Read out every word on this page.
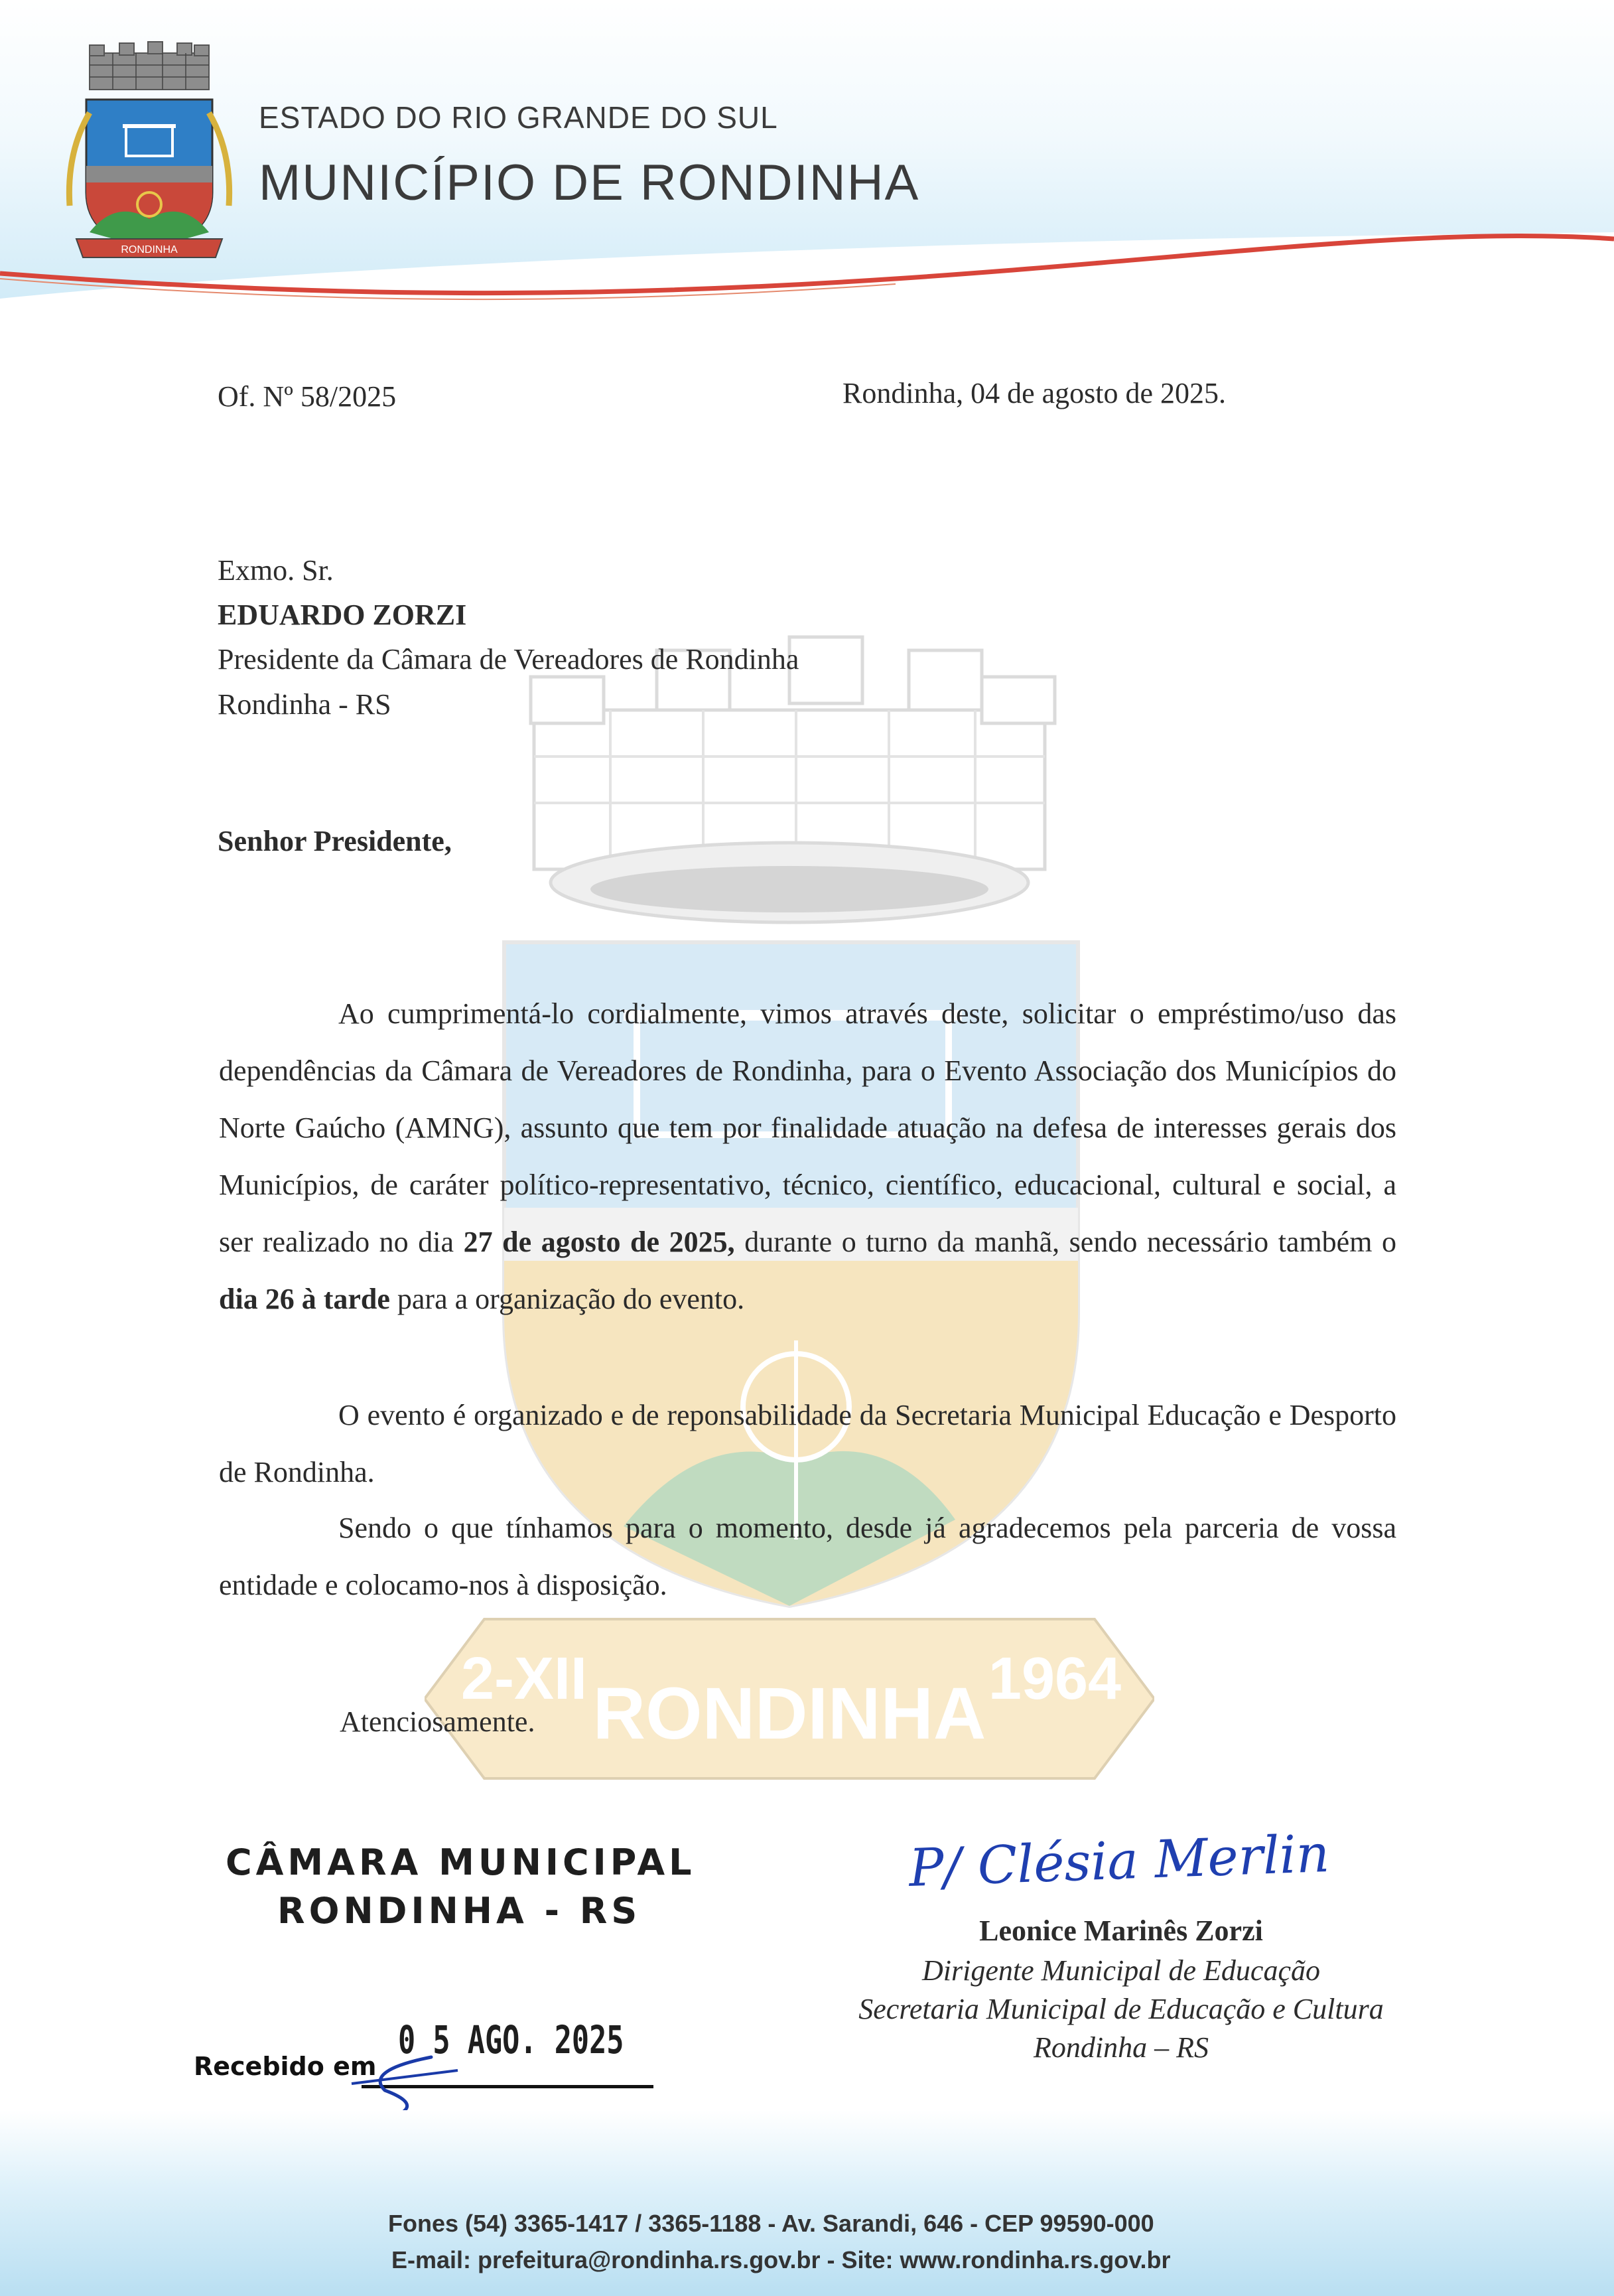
RONDINHA
ESTADO DO RIO GRANDE DO SUL
MUNICÍPIO DE RONDINHA
RONDINHA
2-XII	1964
Of. Nº 58/2025	Rondinha, 04 de agosto de 2025.
Exmo. Sr.
EDUARDO ZORZI
Presidente da Câmara de Vereadores de Rondinha
Rondinha - RS
Senhor Presidente,
Ao cumprimentá-lo cordialmente, vimos através deste, solicitar o empréstimo/uso das dependências da Câmara de Vereadores de Rondinha, para o Evento Associação dos Municípios do Norte Gaúcho (AMNG), assunto que tem por finalidade atuação na defesa de interesses gerais dos Municípios, de caráter político-representativo, técnico, científico, educacional, cultural e social, a ser realizado no dia 27 de agosto de 2025, durante o turno da manhã, sendo necessário também o dia 26 à tarde para a organização do evento.
O evento é organizado e de reponsabilidade da Secretaria Municipal Educação e Desporto de Rondinha.
Sendo o que tínhamos para o momento, desde já agradecemos pela parceria de vossa entidade e colocamo-nos à disposição.
Atenciosamente.
CÂMARA MUNICIPAL
RONDINHA - RS
0 5 AGO. 2025
Recebido em
P/ Clésia Merlin
Leonice Marinês Zorzi
Dirigente Municipal de Educação
Secretaria Municipal de Educação e Cultura
Rondinha – RS
Fones (54) 3365-1417 / 3365-1188 - Av. Sarandi, 646 - CEP 99590-000
E-mail: prefeitura@rondinha.rs.gov.br - Site: www.rondinha.rs.gov.br
